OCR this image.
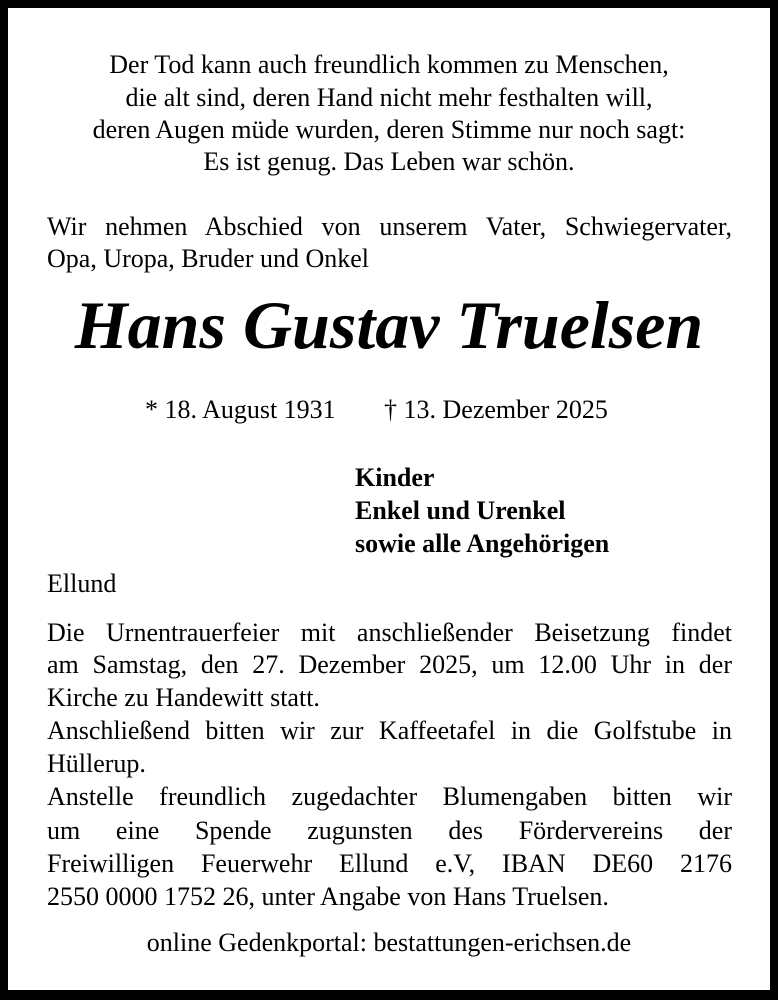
Der Tod kann auch freundlich kommen zu Menschen,
die alt sind, deren Hand nicht mehr festhalten will,
deren Augen müde wurden, deren Stimme nur noch sagt:
Es ist genug. Das Leben war schön.
Wir nehmen Abschied von unserem Vater, Schwiegervater,
Opa, Uropa, Bruder und Onkel
Hans Gustav Truelsen
* 18. August 1931 † 13. Dezember 2025
Kinder
Enkel und Urenkel
sowie alle Angehörigen
Ellund
Die Urnentrauerfeier mit anschließender Beisetzung findet
am Samstag, den 27. Dezember 2025, um 12.00 Uhr in der
Kirche zu Handewitt statt.
Anschließend bitten wir zur Kaffeetafel in die Golfstube in
Hüllerup.
Anstelle freundlich zugedachter Blumengaben bitten wir
um eine Spende zugunsten des Fördervereins der
Freiwilligen Feuerwehr Ellund e.V, IBAN DE60 2176
2550 0000 1752 26, unter Angabe von Hans Truelsen.
online Gedenkportal: bestattungen-erichsen.de
